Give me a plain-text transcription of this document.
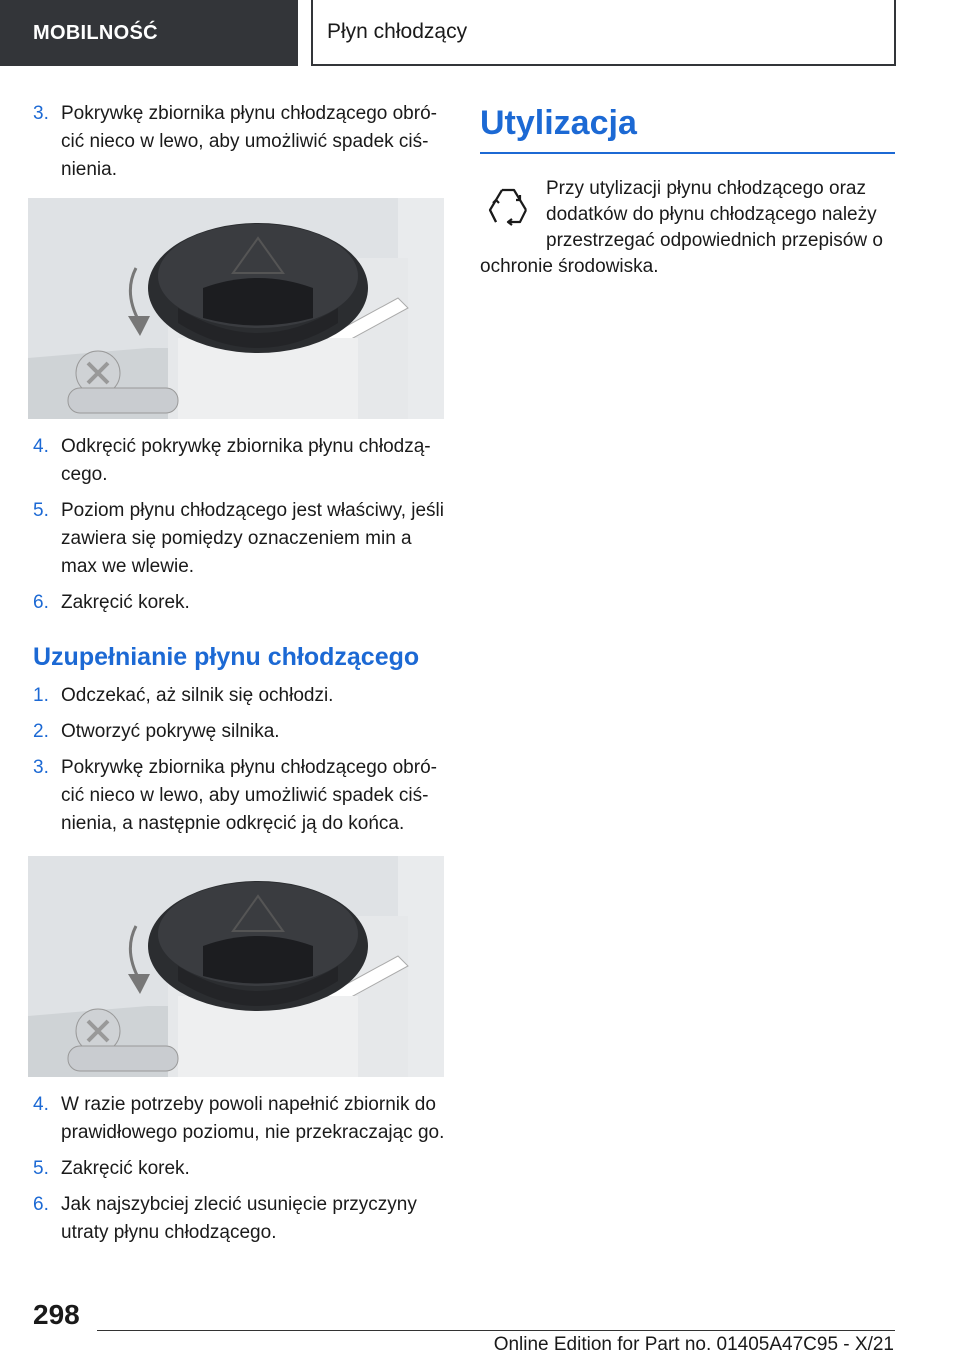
MOBILNOŚĆ	Płyn chłodzący
3. Pokrywkę zbiornika płynu chłodzącego obró-cić nieco w lewo, aby umożliwić spadek ciś-nienia.
4. Odkręcić pokrywkę zbiornika płynu chłodzą-cego.
5. Poziom płynu chłodzącego jest właściwy, jeśli zawiera się pomiędzy oznaczeniem min a max we wlewie.
6. Zakręcić korek.
Uzupełnianie płynu chłodzącego
1. Odczekać, aż silnik się ochłodzi.
2. Otworzyć pokrywę silnika.
3. Pokrywkę zbiornika płynu chłodzącego obró-cić nieco w lewo, aby umożliwić spadek ciś-nienia, a następnie odkręcić ją do końca.
4. W razie potrzeby powoli napełnić zbiornik do prawidłowego poziomu, nie przekraczając go.
5. Zakręcić korek.
6. Jak najszybciej zlecić usunięcie przyczyny utraty płynu chłodzącego.
Utylizacja
Przy utylizacji płynu chłodzącego oraz dodatków do płynu chłodzącego należy przestrzegać odpowiednich przepisów o ochronie środowiska.
298
Online Edition for Part no. 01405A47C95 - X/21
